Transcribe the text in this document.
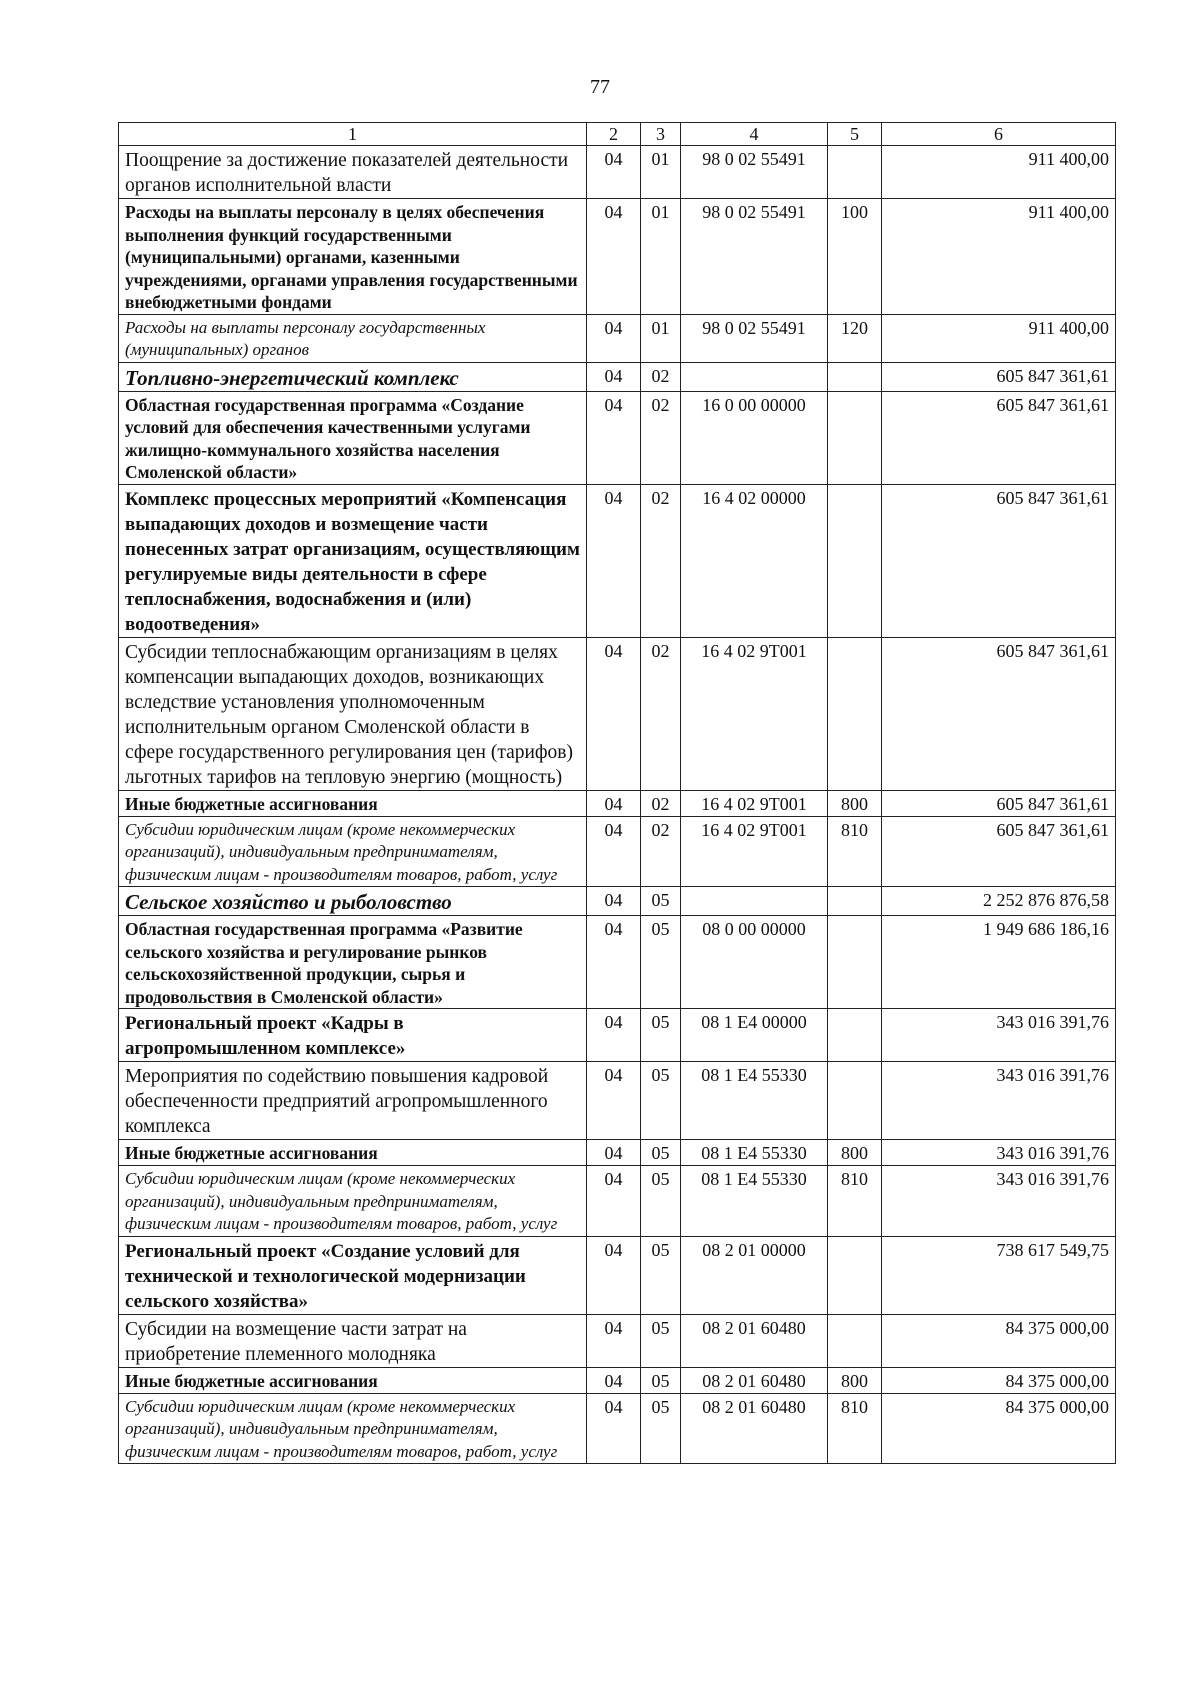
77
1	2	3	4	5	6
Поощрение за достижение показателей деятельности органов исполнительной власти	04	01	98 0 02 55491		911 400,00
Расходы на выплаты персоналу в целях обеспечения выполнения функций государственными (муниципальными) органами, казенными учреждениями, органами управления государственными внебюджетными фондами	04	01	98 0 02 55491	100	911 400,00
Расходы на выплаты персоналу государственных (муниципальных) органов	04	01	98 0 02 55491	120	911 400,00
Топливно-энергетический комплекс	04	02			605 847 361,61
Областная государственная программа «Создание условий для обеспечения качественными услугами жилищно-коммунального хозяйства населения Смоленской области»	04	02	16 0 00 00000		605 847 361,61
Комплекс процессных мероприятий «Компенсация выпадающих доходов и возмещение части понесенных затрат организациям, осуществляющим регулируемые виды деятельности в сфере теплоснабжения, водоснабжения и (или) водоотведения»	04	02	16 4 02 00000		605 847 361,61
Субсидии теплоснабжающим организациям в целях компенсации выпадающих доходов, возникающих вследствие установления уполномоченным исполнительным органом Смоленской области в сфере государственного регулирования цен (тарифов) льготных тарифов на тепловую энергию (мощность)	04	02	16 4 02 9Т001		605 847 361,61
Иные бюджетные ассигнования	04	02	16 4 02 9Т001	800	605 847 361,61
Субсидии юридическим лицам (кроме некоммерческих организаций), индивидуальным предпринимателям, физическим лицам - производителям товаров, работ, услуг	04	02	16 4 02 9Т001	810	605 847 361,61
Сельское хозяйство и рыболовство	04	05			2 252 876 876,58
Областная государственная программа «Развитие сельского хозяйства и регулирование рынков сельскохозяйственной продукции, сырья и продовольствия в Смоленской области»	04	05	08 0 00 00000		1 949 686 186,16
Региональный проект «Кадры в агропромышленном комплексе»	04	05	08 1 Е4 00000		343 016 391,76
Мероприятия по содействию повышения кадровой обеспеченности предприятий агропромышленного комплекса	04	05	08 1 Е4 55330		343 016 391,76
Иные бюджетные ассигнования	04	05	08 1 Е4 55330	800	343 016 391,76
Субсидии юридическим лицам (кроме некоммерческих организаций), индивидуальным предпринимателям, физическим лицам - производителям товаров, работ, услуг	04	05	08 1 Е4 55330	810	343 016 391,76
Региональный проект «Создание условий для технической и технологической модернизации сельского хозяйства»	04	05	08 2 01 00000		738 617 549,75
Субсидии на возмещение части затрат на приобретение племенного молодняка	04	05	08 2 01 60480		84 375 000,00
Иные бюджетные ассигнования	04	05	08 2 01 60480	800	84 375 000,00
Субсидии юридическим лицам (кроме некоммерческих организаций), индивидуальным предпринимателям, физическим лицам - производителям товаров, работ, услуг	04	05	08 2 01 60480	810	84 375 000,00
